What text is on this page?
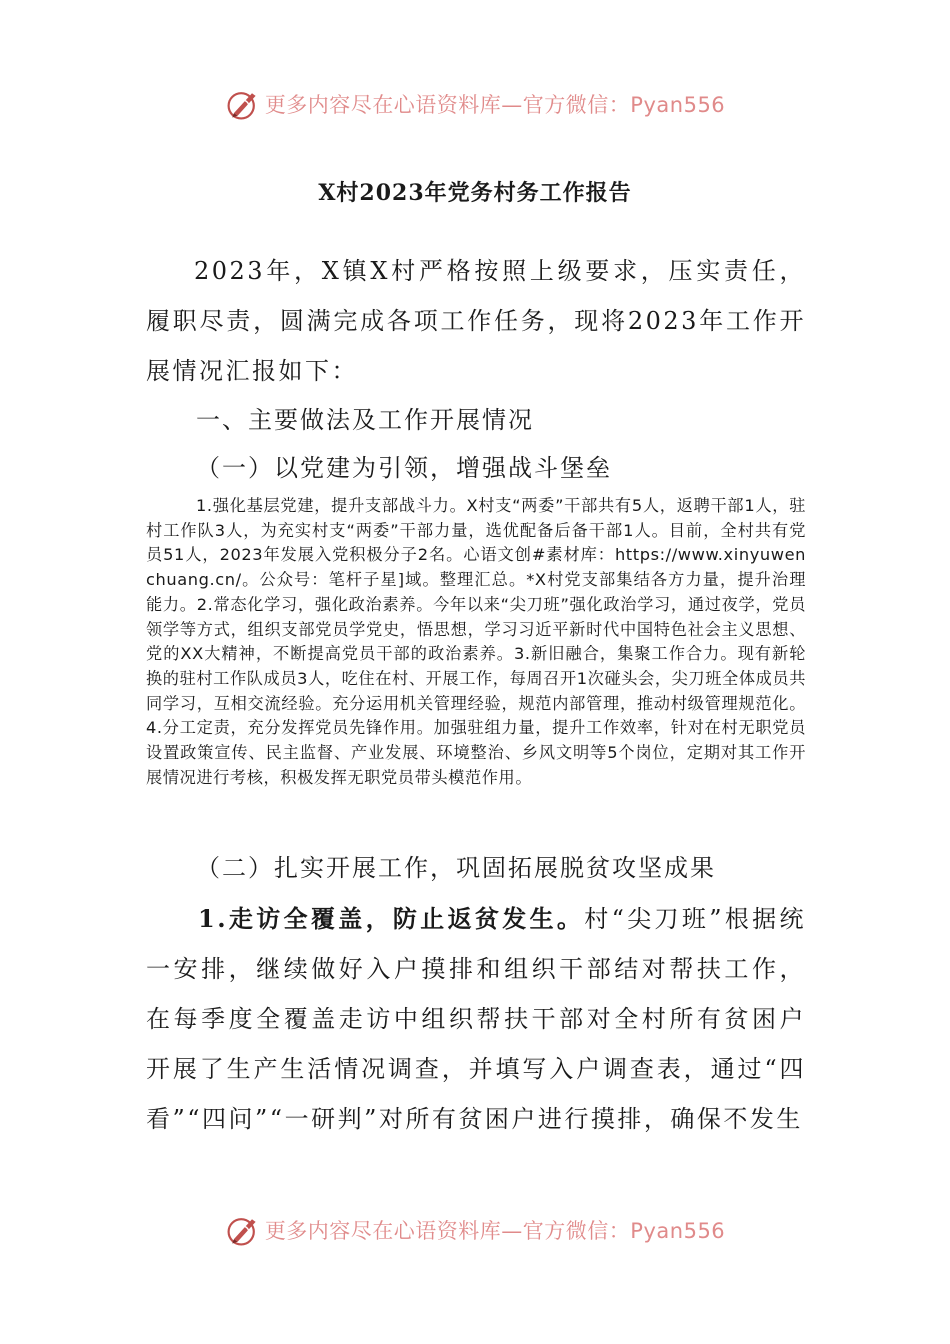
更多内容尽在心语资料库—官方微信：Pyan556
X村2023年党务村务工作报告

2023年，X镇X村严格按照上级要求，压实责任，履职尽责，圆满完成各项工作任务，现将2023年工作开展情况汇报如下：

一、主要做法及工作开展情况

（一）以党建为引领，增强战斗堡垒

1.强化基层党建，提升支部战斗力。X村支“两委”干部共有5人，返聘干部1人，驻村工作队3人，为充实村支“两委”干部力量，选优配备后备干部1人。目前，全村共有党员51人，2023年发展入党积极分子2名。心语文创#素材库：https://www.xinyuwenchuang.cn/。公众号：笔杆子星]域。整理汇总。*X村党支部集结各方力量，提升治理能力。2.常态化学习，强化政治素养。今年以来“尖刀班”强化政治学习，通过夜学，党员领学等方式，组织支部党员学党史，悟思想，学习习近平新时代中国特色社会主义思想、党的XX大精神，不断提高党员干部的政治素养。3.新旧融合，集聚工作合力。现有新轮换的驻村工作队成员3人，吃住在村、开展工作，每周召开1次碰头会，尖刀班全体成员共同学习，互相交流经验。充分运用机关管理经验，规范内部管理，推动村级管理规范化。4.分工定责，充分发挥党员先锋作用。加强驻组力量，提升工作效率，针对在村无职党员设置政策宣传、民主监督、产业发展、环境整治、乡风文明等5个岗位，定期对其工作开展情况进行考核，积极发挥无职党员带头模范作用。

（二）扎实开展工作，巩固拓展脱贫攻坚成果

1.走访全覆盖，防止返贫发生。村“尖刀班”根据统一安排，继续做好入户摸排和组织干部结对帮扶工作，在每季度全覆盖走访中组织帮扶干部对全村所有贫困户开展了生产生活情况调查，并填写入户调查表，通过“四看”“四问”“一研判”对所有贫困户进行摸排，确保不发生

更多内容尽在心语资料库—官方微信：Pyan556
